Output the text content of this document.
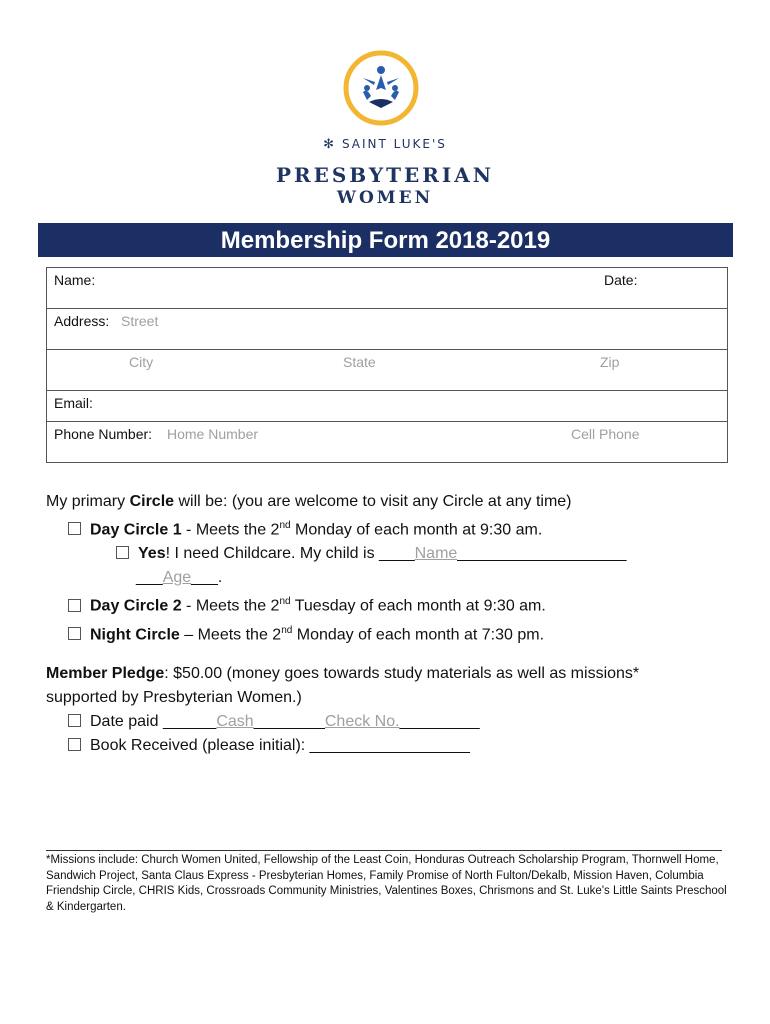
✻ SAINT LUKE'S
PRESBYTERIAN
WOMEN
Membership Form 2018-2019
Name:	Date:
Address: Street
City	State	Zip
Email:
Phone Number: Home Number	Cell Phone
My primary Circle will be: (you are welcome to visit any Circle at any time)
Day Circle 1 - Meets the 2nd Monday of each month at 9:30 am.
Yes! I need Childcare. My child is ____Name___________________
___Age___.
Day Circle 2 - Meets the 2nd Tuesday of each month at 9:30 am.
Night Circle – Meets the 2nd Monday of each month at 7:30 pm.
Member Pledge: $50.00 (money goes towards study materials as well as missions*
supported by Presbyterian Women.)
Date paid ______Cash________Check No._________
Book Received (please initial): __________________
*Missions include: Church Women United, Fellowship of the Least Coin, Honduras Outreach Scholarship Program, Thornwell Home, Sandwich Project, Santa Claus Express - Presbyterian Homes, Family Promise of North Fulton/Dekalb, Mission Haven, Columbia Friendship Circle, CHRIS Kids, Crossroads Community Ministries, Valentines Boxes, Chrismons and St. Luke's Little Saints Preschool & Kindergarten.
